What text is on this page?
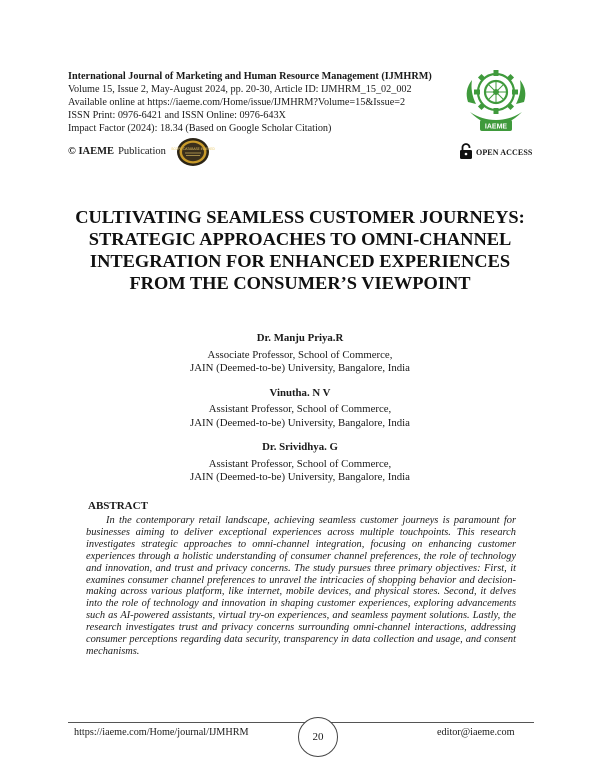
International Journal of Marketing and Human Resource Management (IJMHRM)
Volume 15, Issue 2, May-August 2024, pp. 20-30, Article ID: IJMHRM_15_02_002
Available online at https://iaeme.com/Home/issue/IJMHRM?Volume=15&Issue=2
ISSN Print: 0976-6421 and ISSN Online: 0976-643X
Impact Factor (2024): 18.34 (Based on Google Scholar Citation)	IAEME
© IAEME Publication SCOPE DATABASE INDEXED	OPEN ACCESS
CULTIVATING SEAMLESS CUSTOMER JOURNEYS: STRATEGIC APPROACHES TO OMNI-CHANNEL INTEGRATION FOR ENHANCED EXPERIENCES FROM THE CONSUMER’S VIEWPOINT
Dr. Manju Priya.R
Associate Professor, School of Commerce,
JAIN (Deemed-to-be) University, Bangalore, India
Vinutha. N V
Assistant Professor, School of Commerce,
JAIN (Deemed-to-be) University, Bangalore, India
Dr. Srividhya. G
Assistant Professor, School of Commerce,
JAIN (Deemed-to-be) University, Bangalore, India
ABSTRACT
In the contemporary retail landscape, achieving seamless customer journeys is paramount for businesses aiming to deliver exceptional experiences across multiple touchpoints. This research investigates strategic approaches to omni-channel integration, focusing on enhancing customer experiences through a holistic understanding of consumer channel preferences, the role of technology and innovation, and trust and privacy concerns. The study pursues three primary objectives: First, it examines consumer channel preferences to unravel the intricacies of shopping behavior and decision-making across various platform, like internet, mobile devices, and physical stores. Second, it delves into the role of technology and innovation in shaping customer experiences, exploring advancements such as AI-powered assistants, virtual try-on experiences, and seamless payment solutions. Lastly, the research investigates trust and privacy concerns surrounding omni-channel interactions, addressing consumer perceptions regarding data security, transparency in data collection and usage, and consent mechanisms.
https://iaeme.com/Home/journal/IJMHRM	20	editor@iaeme.com
